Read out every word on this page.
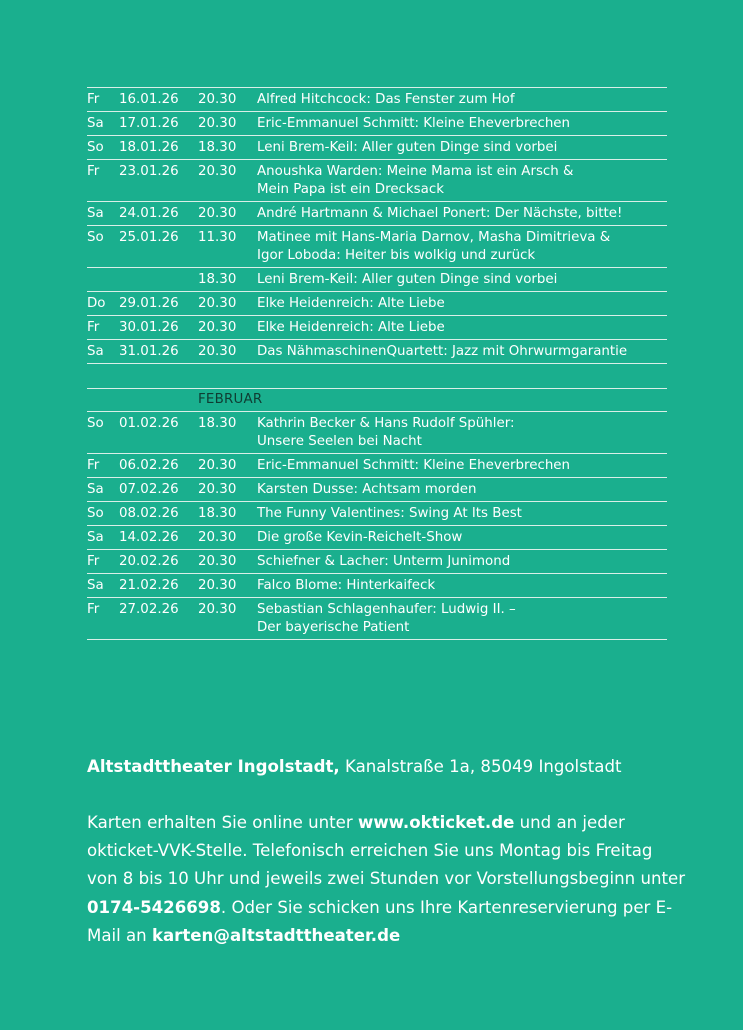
Fr 16.01.26 20.30 Alfred Hitchcock: Das Fenster zum Hof
Sa 17.01.26 20.30 Eric-Emmanuel Schmitt: Kleine Eheverbrechen
So 18.01.26 18.30 Leni Brem-Keil: Aller guten Dinge sind vorbei
Fr 23.01.26 20.30 Anoushka Warden: Meine Mama ist ein Arsch &
Mein Papa ist ein Drecksack
Sa 24.01.26 20.30 André Hartmann & Michael Ponert: Der Nächste, bitte!
So 25.01.26 11.30 Matinee mit Hans-Maria Darnov, Masha Dimitrieva &
Igor Loboda: Heiter bis wolkig und zurück
18.30 Leni Brem-Keil: Aller guten Dinge sind vorbei
Do 29.01.26 20.30 Elke Heidenreich: Alte Liebe
Fr 30.01.26 20.30 Elke Heidenreich: Alte Liebe
Sa 31.01.26 20.30 Das NähmaschinenQuartett: Jazz mit Ohrwurmgarantie
FEBRUAR
So 01.02.26 18.30 Kathrin Becker & Hans Rudolf Spühler:
Unsere Seelen bei Nacht
Fr 06.02.26 20.30 Eric-Emmanuel Schmitt: Kleine Eheverbrechen
Sa 07.02.26 20.30 Karsten Dusse: Achtsam morden
So 08.02.26 18.30 The Funny Valentines: Swing At Its Best
Sa 14.02.26 20.30 Die große Kevin-Reichelt-Show
Fr 20.02.26 20.30 Schiefner & Lacher: Unterm Junimond
Sa 21.02.26 20.30 Falco Blome: Hinterkaifeck
Fr 27.02.26 20.30 Sebastian Schlagenhaufer: Ludwig II. –
Der bayerische Patient

Altstadttheater Ingolstadt, Kanalstraße 1a, 85049 Ingolstadt

Karten erhalten Sie online unter www.okticket.de und an jeder okticket-VVK-Stelle. Telefonisch erreichen Sie uns Montag bis Freitag von 8 bis 10 Uhr und jeweils zwei Stunden vor Vorstellungsbeginn unter 0174-5426698. Oder Sie schicken uns Ihre Kartenreservierung per E-Mail an karten@altstadttheater.de
